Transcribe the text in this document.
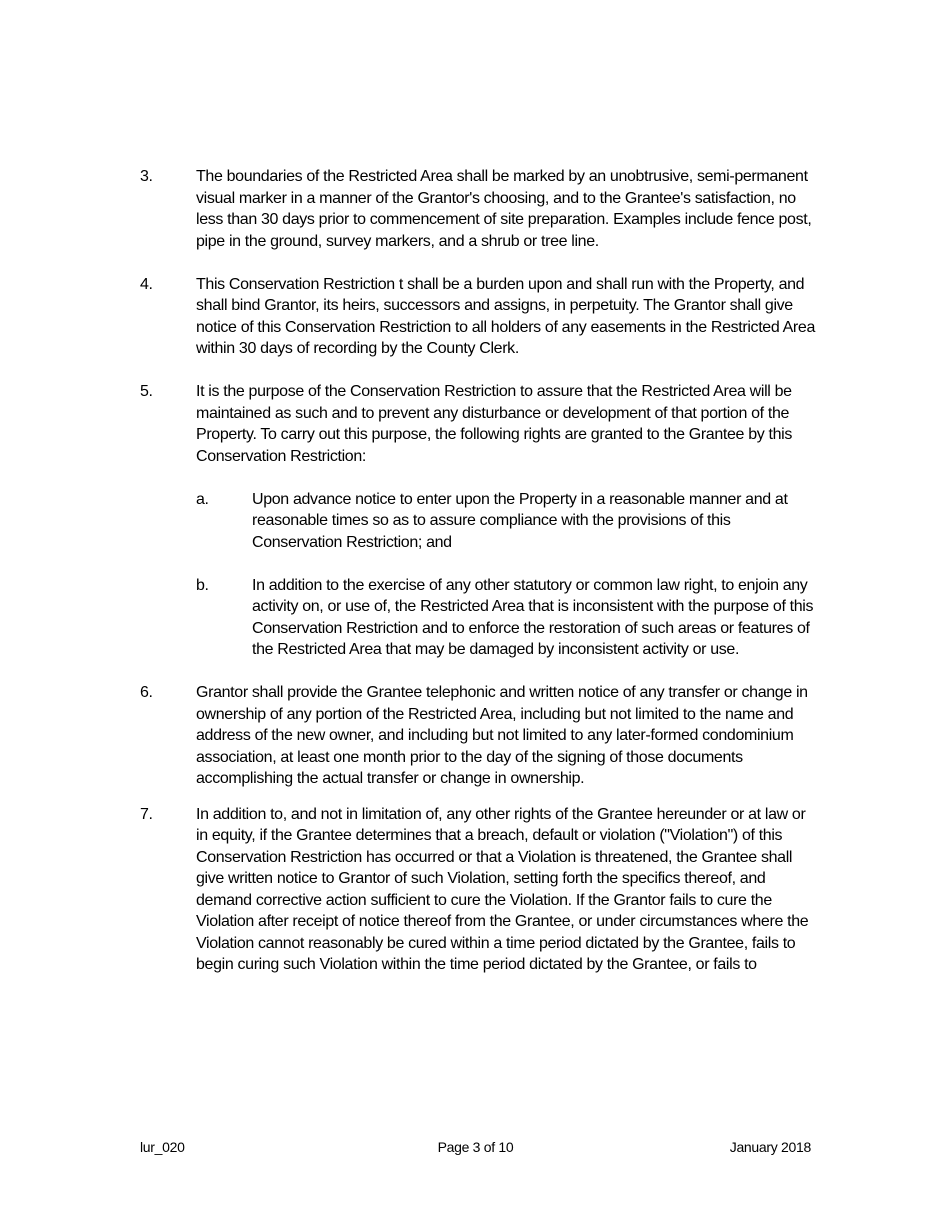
3.	The boundaries of the Restricted Area shall be marked by an unobtrusive, semi-permanent visual marker in a manner of the Grantor's choosing, and to the Grantee's satisfaction, no less than 30 days prior to commencement of site preparation. Examples include fence post, pipe in the ground, survey markers, and a shrub or tree line.
4.	This Conservation Restriction t shall be a burden upon and shall run with the Property, and shall bind Grantor, its heirs, successors and assigns, in perpetuity. The Grantor shall give notice of this Conservation Restriction to all holders of any easements in the Restricted Area within 30 days of recording by the County Clerk.
5.	It is the purpose of the Conservation Restriction to assure that the Restricted Area will be maintained as such and to prevent any disturbance or development of that portion of the Property. To carry out this purpose, the following rights are granted to the Grantee by this Conservation Restriction:
a.	Upon advance notice to enter upon the Property in a reasonable manner and at reasonable times so as to assure compliance with the provisions of this Conservation Restriction; and
b.	In addition to the exercise of any other statutory or common law right, to enjoin any activity on, or use of, the Restricted Area that is inconsistent with the purpose of this Conservation Restriction and to enforce the restoration of such areas or features of the Restricted Area that may be damaged by inconsistent activity or use.
6.	Grantor shall provide the Grantee telephonic and written notice of any transfer or change in ownership of any portion of the Restricted Area, including but not limited to the name and address of the new owner, and including but not limited to any later-formed condominium association, at least one month prior to the day of the signing of those documents accomplishing the actual transfer or change in ownership.
7.	In addition to, and not in limitation of, any other rights of the Grantee hereunder or at law or in equity, if the Grantee determines that a breach, default or violation ("Violation") of this Conservation Restriction has occurred or that a Violation is threatened, the Grantee shall give written notice to Grantor of such Violation, setting forth the specifics thereof, and demand corrective action sufficient to cure the Violation. If the Grantor fails to cure the Violation after receipt of notice thereof from the Grantee, or under circumstances where the Violation cannot reasonably be cured within a time period dictated by the Grantee, fails to begin curing such Violation within the time period dictated by the Grantee, or fails to
lur_020	Page 3 of 10	January 2018
